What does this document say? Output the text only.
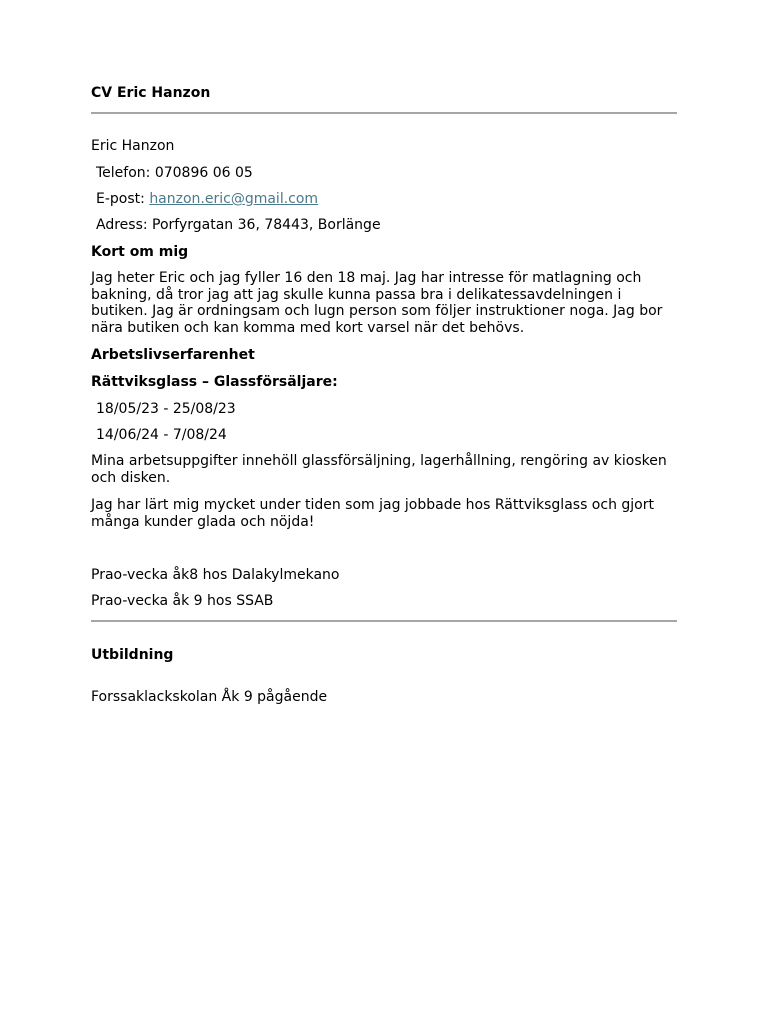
CV Eric Hanzon

Eric Hanzon

Telefon: 070896 06 05

E-post: hanzon.eric@gmail.com

Adress: Porfyrgatan 36, 78443, Borlänge

Kort om mig

Jag heter Eric och jag fyller 16 den 18 maj. Jag har intresse för matlagning och bakning, då tror jag att jag skulle kunna passa bra i delikatessavdelningen i butiken. Jag är ordningsam och lugn person som följer instruktioner noga. Jag bor nära butiken och kan komma med kort varsel när det behövs.

Arbetslivserfarenhet

Rättviksglass – Glassförsäljare:

18/05/23 - 25/08/23

14/06/24 - 7/08/24

Mina arbetsuppgifter innehöll glassförsäljning, lagerhållning, rengöring av kiosken och disken.

Jag har lärt mig mycket under tiden som jag jobbade hos Rättviksglass och gjort många kunder glada och nöjda!

Prao-vecka åk8 hos Dalakylmekano

Prao-vecka åk 9 hos SSAB

Utbildning

Forssaklackskolan Åk 9 pågående
